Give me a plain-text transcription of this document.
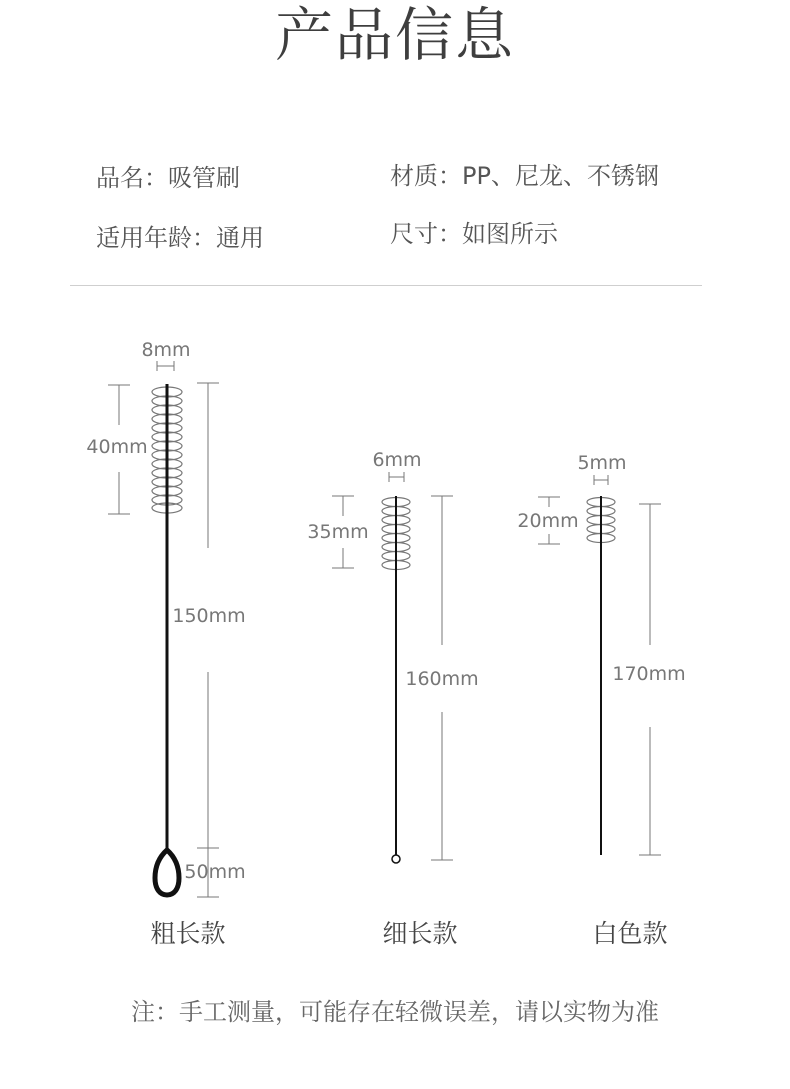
产品信息
品名：吸管刷	材质：PP、尼龙、不锈钢
适用年龄：通用	尺寸：如图所示
8mm
40mm
150mm
50mm
6mm
35mm
160mm
5mm
20mm
170mm
粗长款	细长款	白色款
注：手工测量，可能存在轻微误差，请以实物为准
